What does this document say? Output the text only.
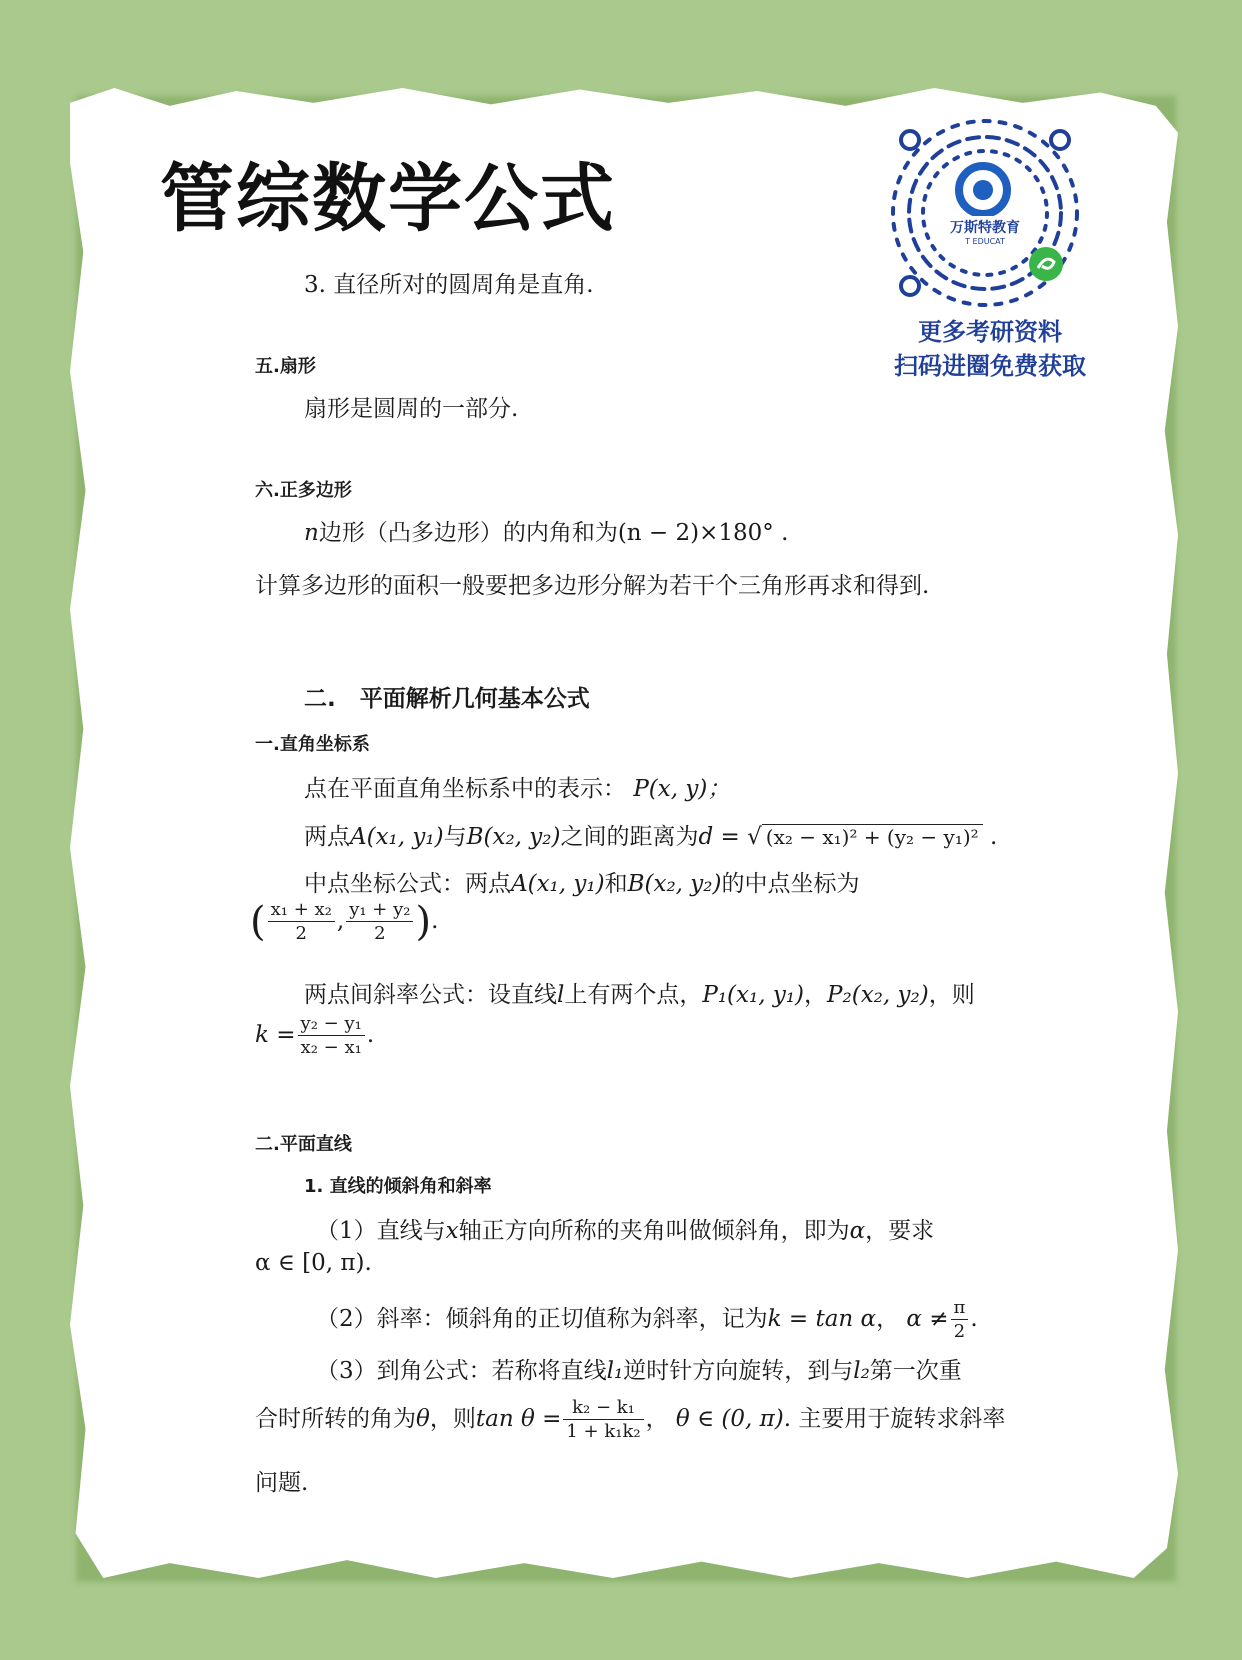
管综数学公式	万斯特教育
T EDUCAT
更多考研资料
扫码进圈免费获取
3. 直径所对的圆周角是直角.
五.扇形
扇形是圆周的一部分.
六.正多边形
n边形（凸多边形）的内角和为(n − 2)×180° .
计算多边形的面积一般要把多边形分解为若干个三角形再求和得到.
二. 平面解析几何基本公式
一.直角坐标系
点在平面直角坐标系中的表示： P(x, y)；
两点A(x₁, y₁)与B(x₂, y₂)之间的距离为d = √ (x₂ − x₁)² + (y₂ − y₁)² .
中点坐标公式：两点A(x₁, y₁)和B(x₂, y₂)的中点坐标为
( $\frac{\text{x₁ + x₂}}{2}$ , $\frac{\text{y₁ + y₂}}{2}$ ).
两点间斜率公式：设直线l上有两个点，P₁(x₁, y₁)，P₂(x₂, y₂)，则
$k = \frac{\text{y₂ − y₁}}{\text{x₂ − x₁}}$ .
二.平面直线
1. 直线的倾斜角和斜率
（1）直线与x轴正方向所称的夹角叫做倾斜角，即为α，要求
α ∈ [0, π).
（2）斜率：倾斜角的正切值称为斜率，记为k = tan α， $\alpha \ne \frac{\pi}{2}$ .
（3）到角公式：若称将直线l₁逆时针方向旋转，到与l₂第一次重
合时所转的角为θ，则$\tan \theta = \frac{\text{k₂ − k₁}}{\text{1 + k₁k₂}}$ ， θ ∈ (0, π). 主要用于旋转求斜率
问题.
